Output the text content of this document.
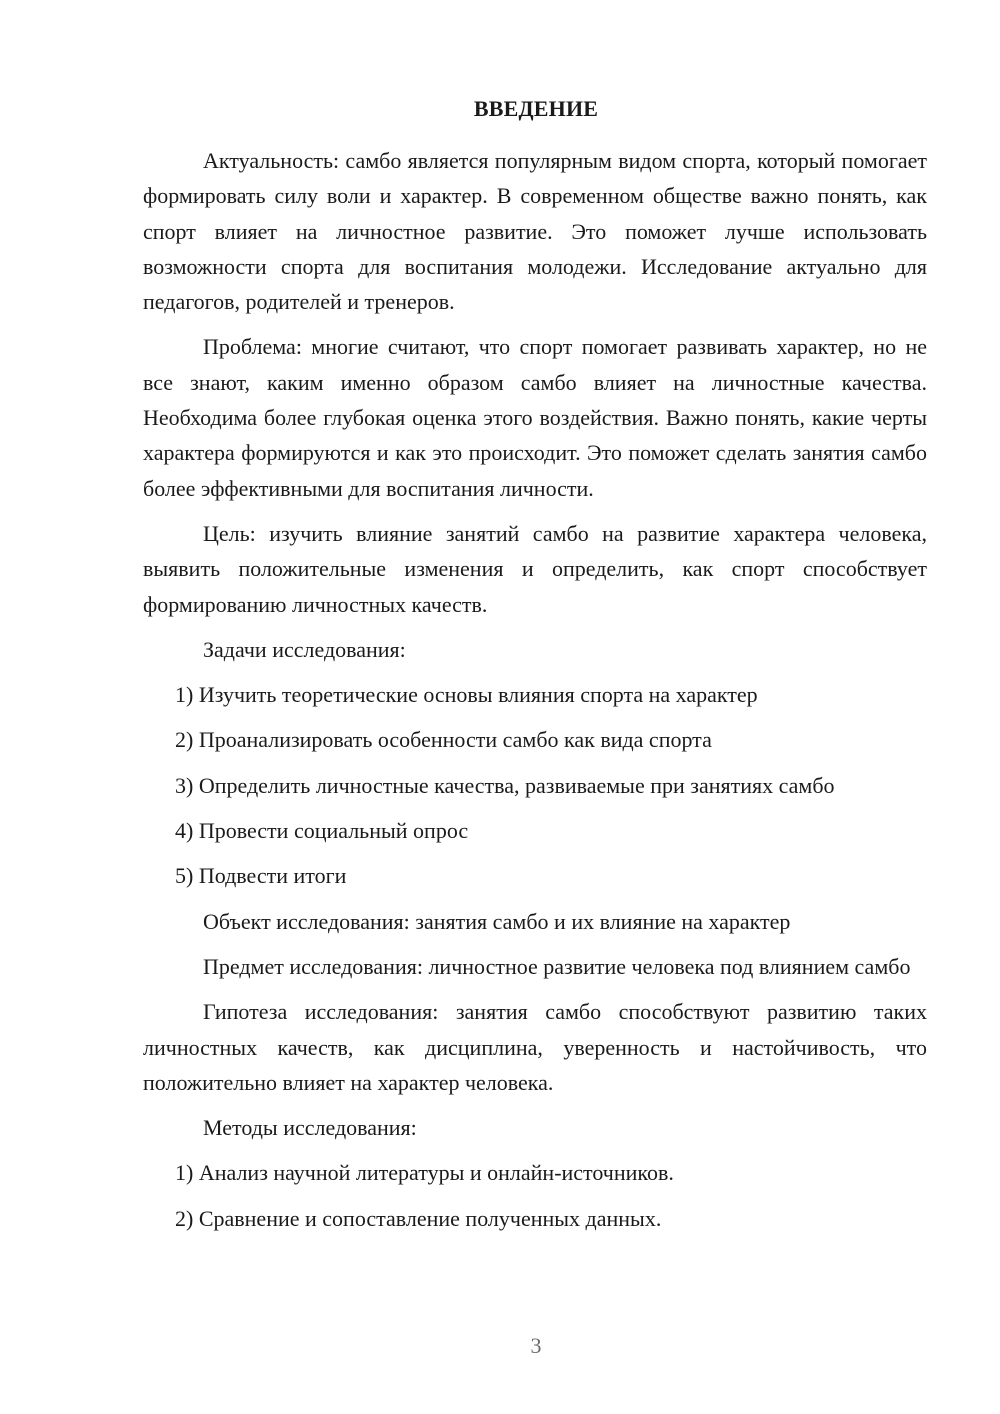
ВВЕДЕНИЕ

Актуальность: самбо является популярным видом спорта, который помогает формировать силу воли и характер. В современном обществе важно понять, как спорт влияет на личностное развитие. Это поможет лучше использовать возможности спорта для воспитания молодежи. Исследование актуально для педагогов, родителей и тренеров.

Проблема: многие считают, что спорт помогает развивать характер, но не все знают, каким именно образом самбо влияет на личностные качества. Необходима более глубокая оценка этого воздействия. Важно понять, какие черты характера формируются и как это происходит. Это поможет сделать занятия самбо более эффективными для воспитания личности.

Цель: изучить влияние занятий самбо на развитие характера человека, выявить положительные изменения и определить, как спорт способствует формированию личностных качеств.

Задачи исследования:

1) Изучить теоретические основы влияния спорта на характер
2) Проанализировать особенности самбо как вида спорта
3) Определить личностные качества, развиваемые при занятиях самбо
4) Провести социальный опрос
5) Подвести итоги

Объект исследования: занятия самбо и их влияние на характер

Предмет исследования: личностное развитие человека под влиянием самбо

Гипотеза исследования: занятия самбо способствуют развитию таких личностных качеств, как дисциплина, уверенность и настойчивость, что положительно влияет на характер человека.

Методы исследования:

1) Анализ научной литературы и онлайн-источников.
2) Сравнение и сопоставление полученных данных.
3
